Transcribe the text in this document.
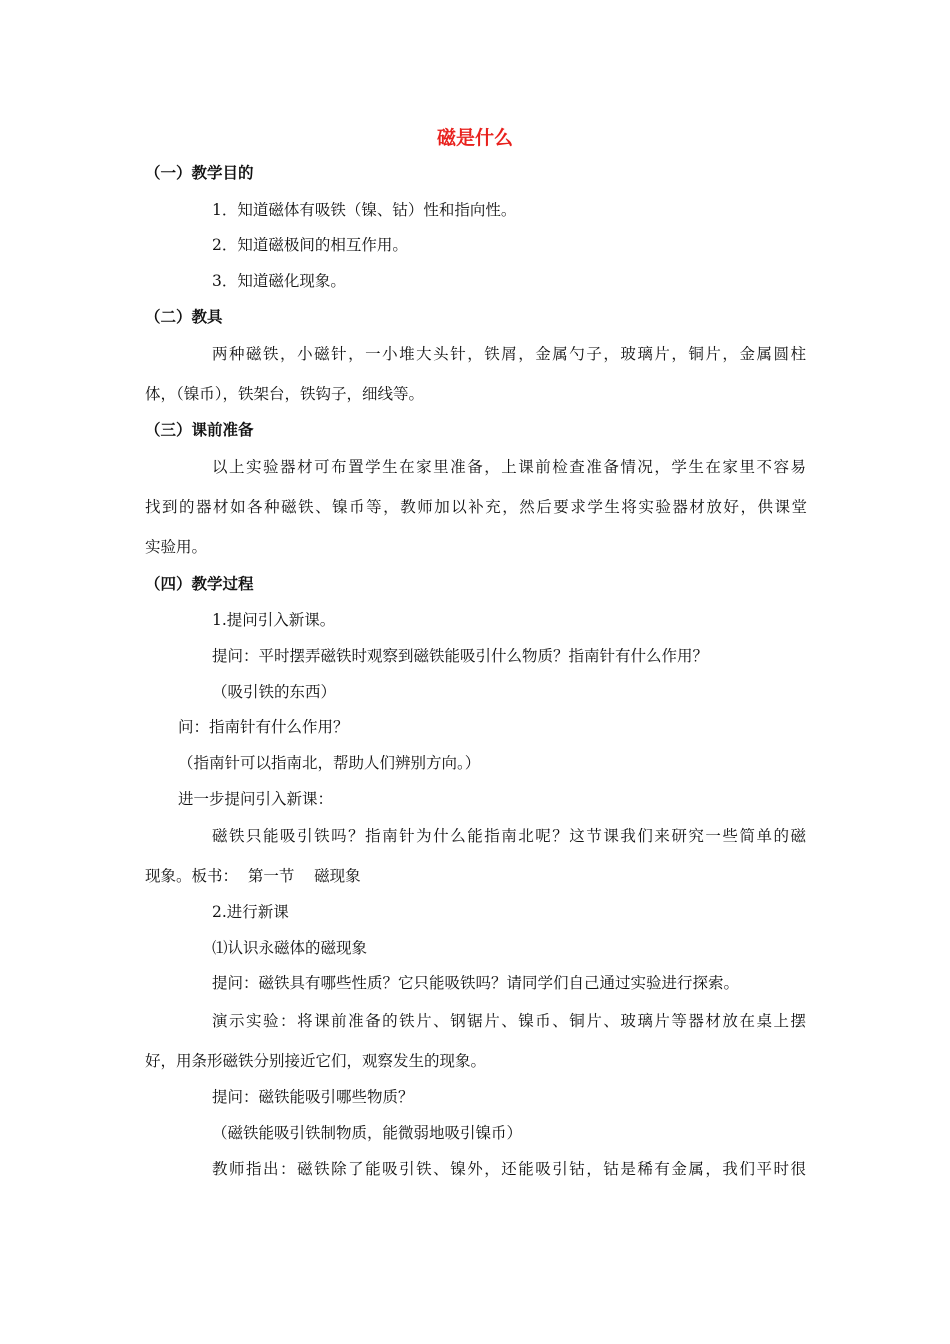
磁是什么
（一）教学目的
1．知道磁体有吸铁（镍、钴）性和指向性。
2．知道磁极间的相互作用。
3．知道磁化现象。
（二）教具
两种磁铁，小磁针，一小堆大头针，铁屑，金属勺子，玻璃片，铜片，金属圆柱
体，（镍币），铁架台，铁钩子，细线等。
（三）课前准备
以上实验器材可布置学生在家里准备，上课前检查准备情况，学生在家里不容易
找到的器材如各种磁铁、镍币等，教师加以补充，然后要求学生将实验器材放好，供课堂
实验用。
（四）教学过程
1.提问引入新课。
提问：平时摆弄磁铁时观察到磁铁能吸引什么物质？指南针有什么作用？
（吸引铁的东西）
问：指南针有什么作用？
（指南针可以指南北，帮助人们辨别方向。）
进一步提问引入新课：
磁铁只能吸引铁吗？指南针为什么能指南北呢？这节课我们来研究一些简单的磁
现象。板书：  第一节    磁现象
2.进行新课
⑴认识永磁体的磁现象
提问：磁铁具有哪些性质？它只能吸铁吗？请同学们自己通过实验进行探索。
演示实验：将课前准备的铁片、钢锯片、镍币、铜片、玻璃片等器材放在桌上摆
好，用条形磁铁分别接近它们，观察发生的现象。
提问：磁铁能吸引哪些物质？
（磁铁能吸引铁制物质，能微弱地吸引镍币）
教师指出：磁铁除了能吸引铁、镍外，还能吸引钴，钴是稀有金属，我们平时很
